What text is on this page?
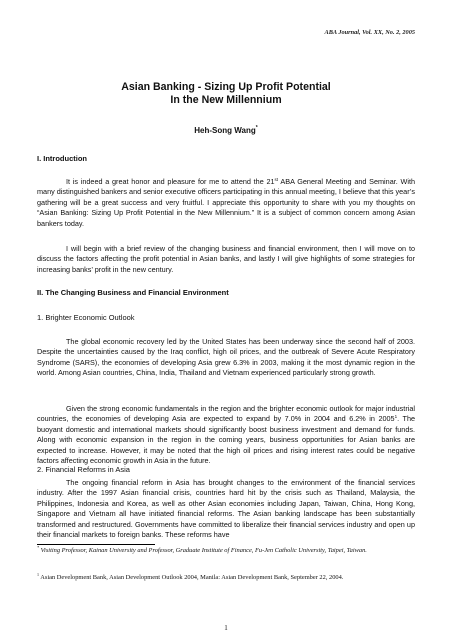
ABA Journal, Vol. XX, No. 2, 2005
Asian Banking - Sizing Up Profit Potential
In the New Millennium
Heh-Song Wang*

I. Introduction

It is indeed a great honor and pleasure for me to attend the 21st ABA General Meeting and Seminar. With many distinguished bankers and senior executive officers participating in this annual meeting, I believe that this year’s gathering will be a great success and very fruitful. I appreciate this opportunity to share with you my thoughts on “Asian Banking: Sizing Up Profit Potential in the New Millennium.” It is a subject of common concern among Asian bankers today.

I will begin with a brief review of the changing business and financial environment, then I will move on to discuss the factors affecting the profit potential in Asian banks, and lastly I will give highlights of some strategies for increasing banks’ profit in the new century.

II. The Changing Business and Financial Environment

1. Brighter Economic Outlook

The global economic recovery led by the United States has been underway since the second half of 2003. Despite the uncertainties caused by the Iraq conflict, high oil prices, and the outbreak of Severe Acute Respiratory Syndrome (SARS), the economies of developing Asia grew 6.3% in 2003, making it the most dynamic region in the world. Among Asian countries, China, India, Thailand and Vietnam experienced particularly strong growth.

Given the strong economic fundamentals in the region and the brighter economic outlook for major industrial countries, the economies of developing Asia are expected to expand by 7.0% in 2004 and 6.2% in 2005$^1$. The buoyant domestic and international markets should significantly boost business investment and demand for funds. Along with economic expansion in the region in the coming years, business opportunities for Asian banks are expected to increase. However, it may be noted that the high oil prices and rising interest rates could be negative factors affecting economic growth in Asia in the future.

2. Financial Reforms in Asia

The ongoing financial reform in Asia has brought changes to the environment of the financial services industry. After the 1997 Asian financial crisis, countries hard hit by the crisis such as Thailand, Malaysia, the Philippines, Indonesia and Korea, as well as other Asian economies including Japan, Taiwan, China, Hong Kong, Singapore and Vietnam all have initiated financial reforms. The Asian banking landscape has been substantially transformed and restructured. Governments have committed to liberalize their financial services industry and open up their financial markets to foreign banks. These reforms have

* Visiting Professor, Kainan University and Professor, Graduate Institute of Finance, Fu-Jen Catholic University, Taipei, Taiwan.

$^1$ Asian Development Bank, Asian Development Outlook 2004, Manila: Asian Development Bank, September 22, 2004.

1
